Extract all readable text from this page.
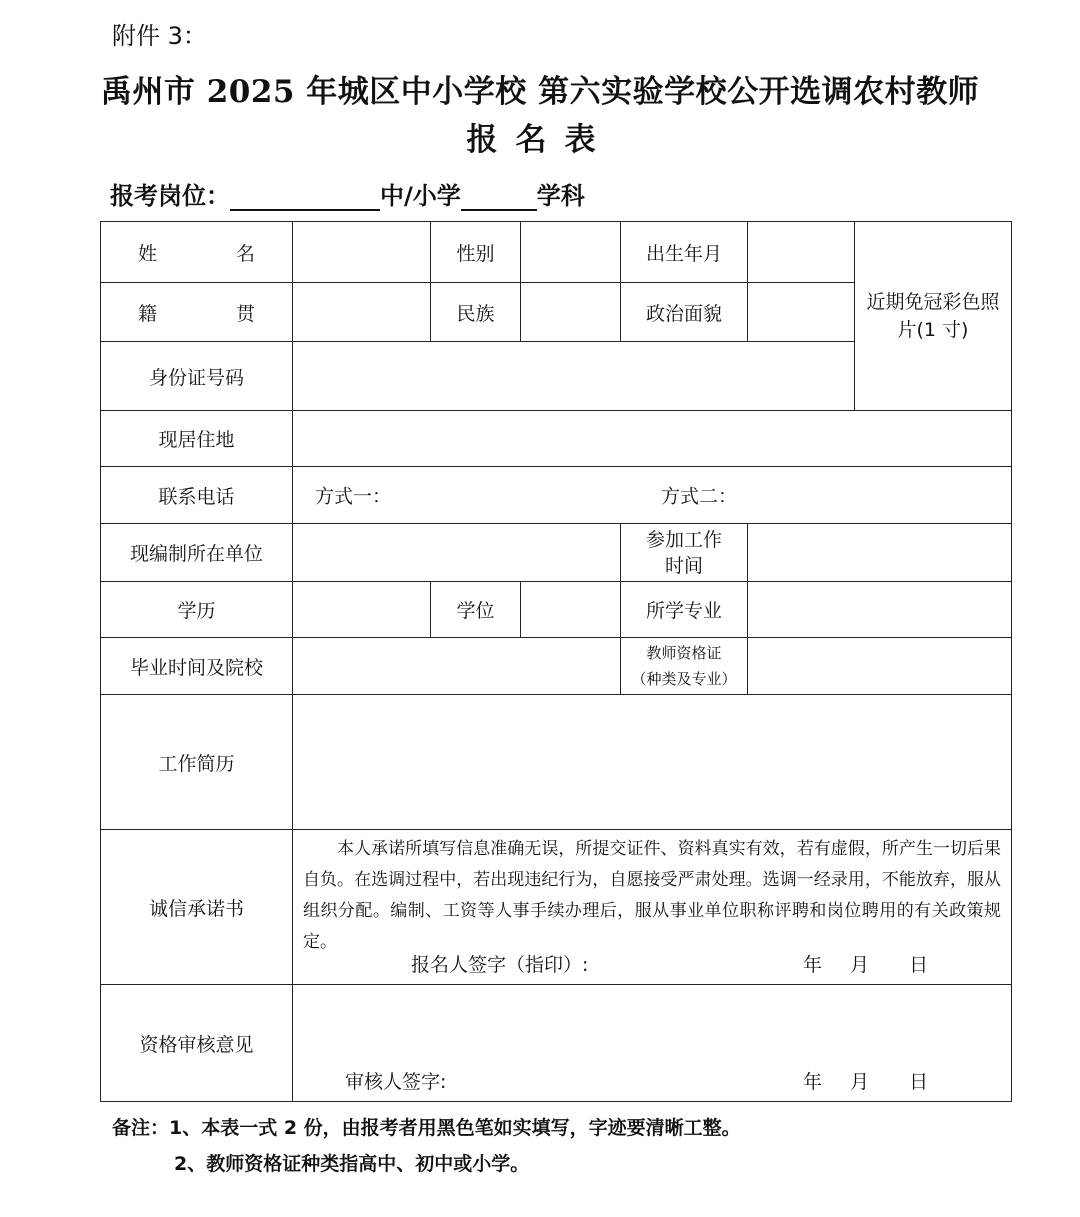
附件 3：
禹州市 2025 年城区中小学校 第六实验学校公开选调农村教师
报名表
报考岗位：	中/小学	学科
姓　名		性别		出生年月		近期免冠彩色照片(1 寸)

籍　贯		民族		政治面貌		
身份证号码						
现居住地						
联系电话	方式一： 方式二：					

现编制所在单位				参加工作时间		

学历		学位		所学专业		
毕业时间及院校				教师资格证
（种类及专业）		

工作简历						
诚信承诺书	本人承诺所填写信息准确无误，所提交证件、资料真实有效，若有虚假，所产生一切后果自负。在选调过程中，若出现违纪行为，自愿接受严肃处理。选调一经录用，不能放弃，服从组织分配。编制、工资等人事手续办理后，服从事业单位职称评聘和岗位聘用的有关政策规定。

报名人签字（指印）: 年 月 日					

资格审核意见	审核人签字: 年 月 日					
备注：1、本表一式 2 份，由报考者用黑色笔如实填写，字迹要清晰工整。
2、教师资格证种类指高中、初中或小学。
